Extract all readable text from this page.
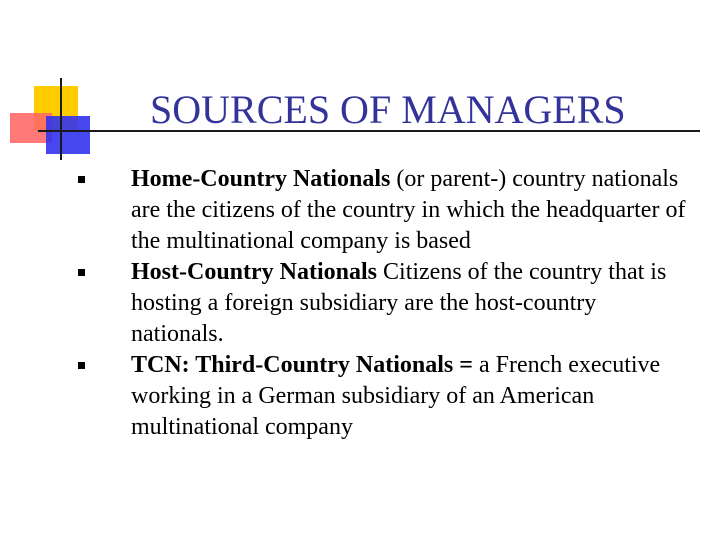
SOURCES OF MANAGERS
Home-Country Nationals (or parent-) country nationals are the citizens of the country in which the headquarter of the multinational company is based
Host-Country Nationals Citizens of the country that is hosting a foreign subsidiary are the host-country nationals.
TCN: Third-Country Nationals = a French executive working in a German subsidiary of an American multinational company
